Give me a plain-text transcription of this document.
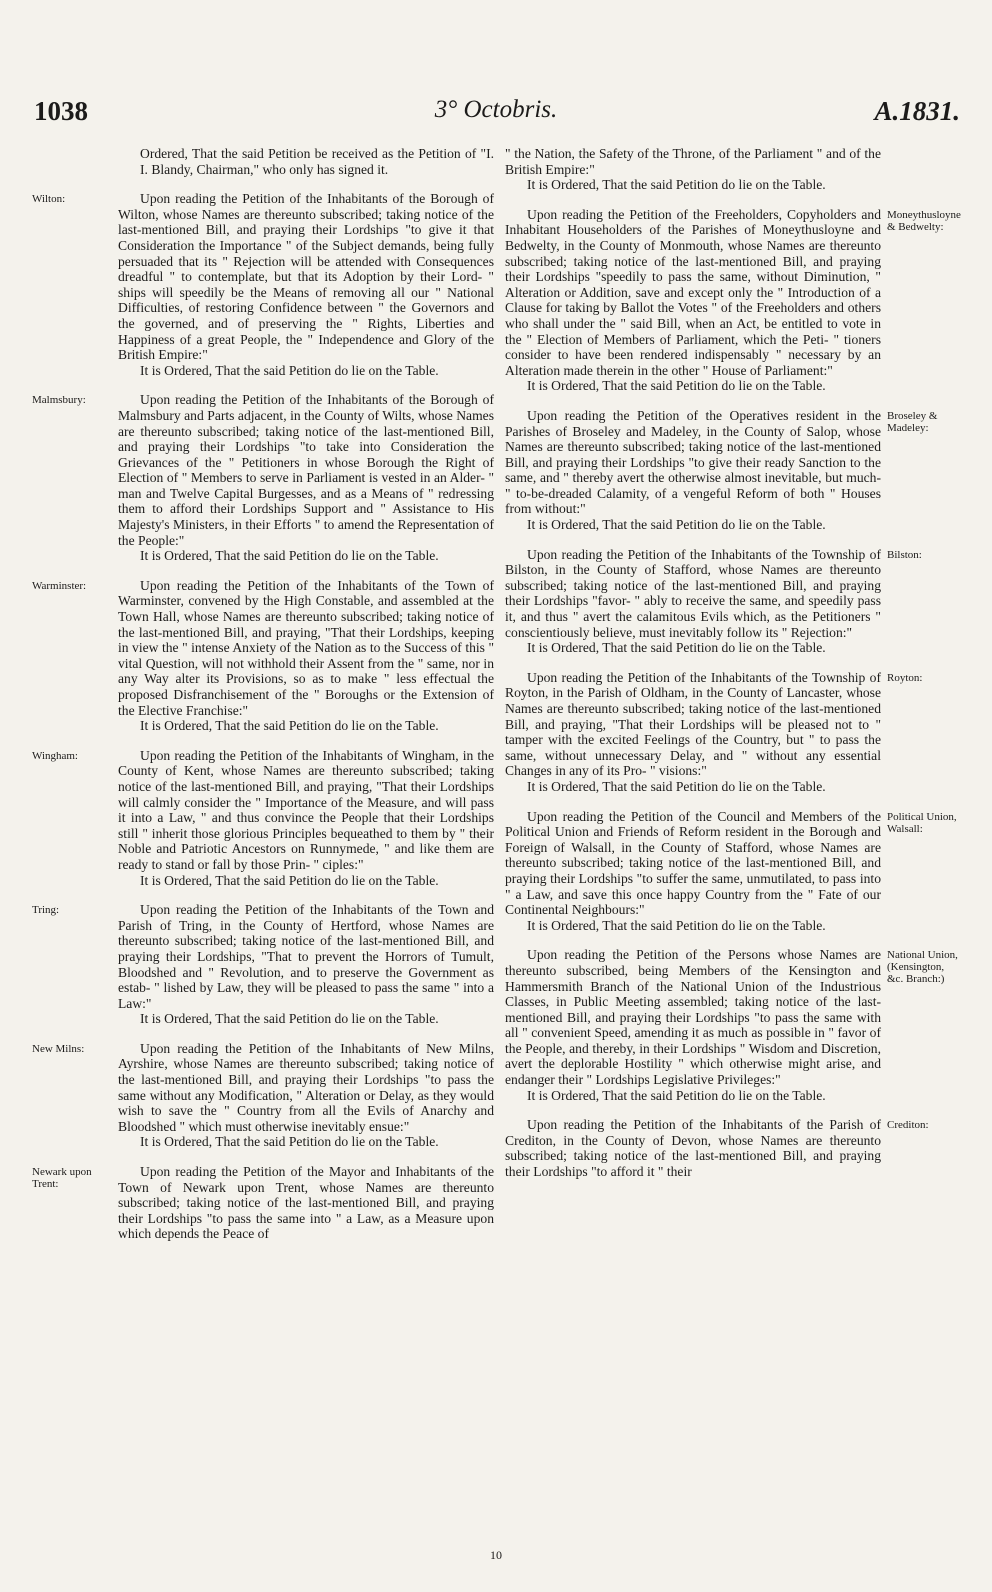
1038	3° Octobris.	A.1831.

Ordered, That the said Petition be received as the Petition of "I. I. Blandy, Chairman," who only has signed it.

Wilton:	Upon reading the Petition of the Inhabitants of the Borough of Wilton, whose Names are thereunto subscribed; taking notice of the last-mentioned Bill, and praying their Lordships "to give it that Consideration the Importance " of the Subject demands, being fully persuaded that its " Rejection will be attended with Consequences dreadful " to contemplate, but that its Adoption by their Lord- " ships will speedily be the Means of removing all our " National Difficulties, of restoring Confidence between " the Governors and the governed, and of preserving the " Rights, Liberties and Happiness of a great People, the " Independence and Glory of the British Empire:"

It is Ordered, That the said Petition do lie on the Table.

Malmsbury:	Upon reading the Petition of the Inhabitants of the Borough of Malmsbury and Parts adjacent, in the County of Wilts, whose Names are thereunto subscribed; taking notice of the last-mentioned Bill, and praying their Lordships "to take into Consideration the Grievances of the " Petitioners in whose Borough the Right of Election of " Members to serve in Parliament is vested in an Alder- " man and Twelve Capital Burgesses, and as a Means of " redressing them to afford their Lordships Support and " Assistance to His Majesty's Ministers, in their Efforts " to amend the Representation of the People:"

It is Ordered, That the said Petition do lie on the Table.

Warminster:	Upon reading the Petition of the Inhabitants of the Town of Warminster, convened by the High Constable, and assembled at the Town Hall, whose Names are thereunto subscribed; taking notice of the last-mentioned Bill, and praying, "That their Lordships, keeping in view the " intense Anxiety of the Nation as to the Success of this " vital Question, will not withhold their Assent from the " same, nor in any Way alter its Provisions, so as to make " less effectual the proposed Disfranchisement of the " Boroughs or the Extension of the Elective Franchise:"

It is Ordered, That the said Petition do lie on the Table.

Wingham:	Upon reading the Petition of the Inhabitants of Wingham, in the County of Kent, whose Names are thereunto subscribed; taking notice of the last-mentioned Bill, and praying, "That their Lordships will calmly consider the " Importance of the Measure, and will pass it into a Law, " and thus convince the People that their Lordships still " inherit those glorious Principles bequeathed to them by " their Noble and Patriotic Ancestors on Runnymede, " and like them are ready to stand or fall by those Prin- " ciples:"

It is Ordered, That the said Petition do lie on the Table.

Tring:	Upon reading the Petition of the Inhabitants of the Town and Parish of Tring, in the County of Hertford, whose Names are thereunto subscribed; taking notice of the last-mentioned Bill, and praying their Lordships, "That to prevent the Horrors of Tumult, Bloodshed and " Revolution, and to preserve the Government as estab- " lished by Law, they will be pleased to pass the same " into a Law:"

It is Ordered, That the said Petition do lie on the Table.

New Milns:	Upon reading the Petition of the Inhabitants of New Milns, Ayrshire, whose Names are thereunto subscribed; taking notice of the last-mentioned Bill, and praying their Lordships "to pass the same without any Modification, " Alteration or Delay, as they would wish to save the " Country from all the Evils of Anarchy and Bloodshed " which must otherwise inevitably ensue:"

It is Ordered, That the said Petition do lie on the Table.

Newark upon Trent:

Upon reading the Petition of the Mayor and Inhabitants of the Town of Newark upon Trent, whose Names are thereunto subscribed; taking notice of the last-mentioned Bill, and praying their Lordships "to pass the same into " a Law, as a Measure upon which depends the Peace of

" the Nation, the Safety of the Throne, of the Parliament " and of the British Empire:"

It is Ordered, That the said Petition do lie on the Table.

Moneythusloyne & Bedwelty:

Upon reading the Petition of the Freeholders, Copyholders and Inhabitant Householders of the Parishes of Moneythusloyne and Bedwelty, in the County of Monmouth, whose Names are thereunto subscribed; taking notice of the last-mentioned Bill, and praying their Lordships "speedily to pass the same, without Diminution, " Alteration or Addition, save and except only the " Introduction of a Clause for taking by Ballot the Votes " of the Freeholders and others who shall under the " said Bill, when an Act, be entitled to vote in the " Election of Members of Parliament, which the Peti- " tioners consider to have been rendered indispensably " necessary by an Alteration made therein in the other " House of Parliament:"

It is Ordered, That the said Petition do lie on the Table.

Broseley & Madeley:

Upon reading the Petition of the Operatives resident in the Parishes of Broseley and Madeley, in the County of Salop, whose Names are thereunto subscribed; taking notice of the last-mentioned Bill, and praying their Lordships "to give their ready Sanction to the same, and " thereby avert the otherwise almost inevitable, but much- " to-be-dreaded Calamity, of a vengeful Reform of both " Houses from without:"

It is Ordered, That the said Petition do lie on the Table.

Bilston:

Upon reading the Petition of the Inhabitants of the Township of Bilston, in the County of Stafford, whose Names are thereunto subscribed; taking notice of the last-mentioned Bill, and praying their Lordships "favor- " ably to receive the same, and speedily pass it, and thus " avert the calamitous Evils which, as the Petitioners " conscientiously believe, must inevitably follow its " Rejection:"

It is Ordered, That the said Petition do lie on the Table.

Royton:

Upon reading the Petition of the Inhabitants of the Township of Royton, in the Parish of Oldham, in the County of Lancaster, whose Names are thereunto subscribed; taking notice of the last-mentioned Bill, and praying, "That their Lordships will be pleased not to " tamper with the excited Feelings of the Country, but " to pass the same, without unnecessary Delay, and " without any essential Changes in any of its Pro- " visions:"

It is Ordered, That the said Petition do lie on the Table.

Political Union, Walsall:

Upon reading the Petition of the Council and Members of the Political Union and Friends of Reform resident in the Borough and Foreign of Walsall, in the County of Stafford, whose Names are thereunto subscribed; taking notice of the last-mentioned Bill, and praying their Lordships "to suffer the same, unmutilated, to pass into " a Law, and save this once happy Country from the " Fate of our Continental Neighbours:"

It is Ordered, That the said Petition do lie on the Table.

National Union, (Kensington, &c. Branch:)

Upon reading the Petition of the Persons whose Names are thereunto subscribed, being Members of the Kensington and Hammersmith Branch of the National Union of the Industrious Classes, in Public Meeting assembled; taking notice of the last-mentioned Bill, and praying their Lordships "to pass the same with all " convenient Speed, amending it as much as possible in " favor of the People, and thereby, in their Lordships " Wisdom and Discretion, avert the deplorable Hostility " which otherwise might arise, and endanger their " Lordships Legislative Privileges:"

It is Ordered, That the said Petition do lie on the Table.

Crediton:

Upon reading the Petition of the Inhabitants of the Parish of Crediton, in the County of Devon, whose Names are thereunto subscribed; taking notice of the last-mentioned Bill, and praying their Lordships "to afford it " their

10
